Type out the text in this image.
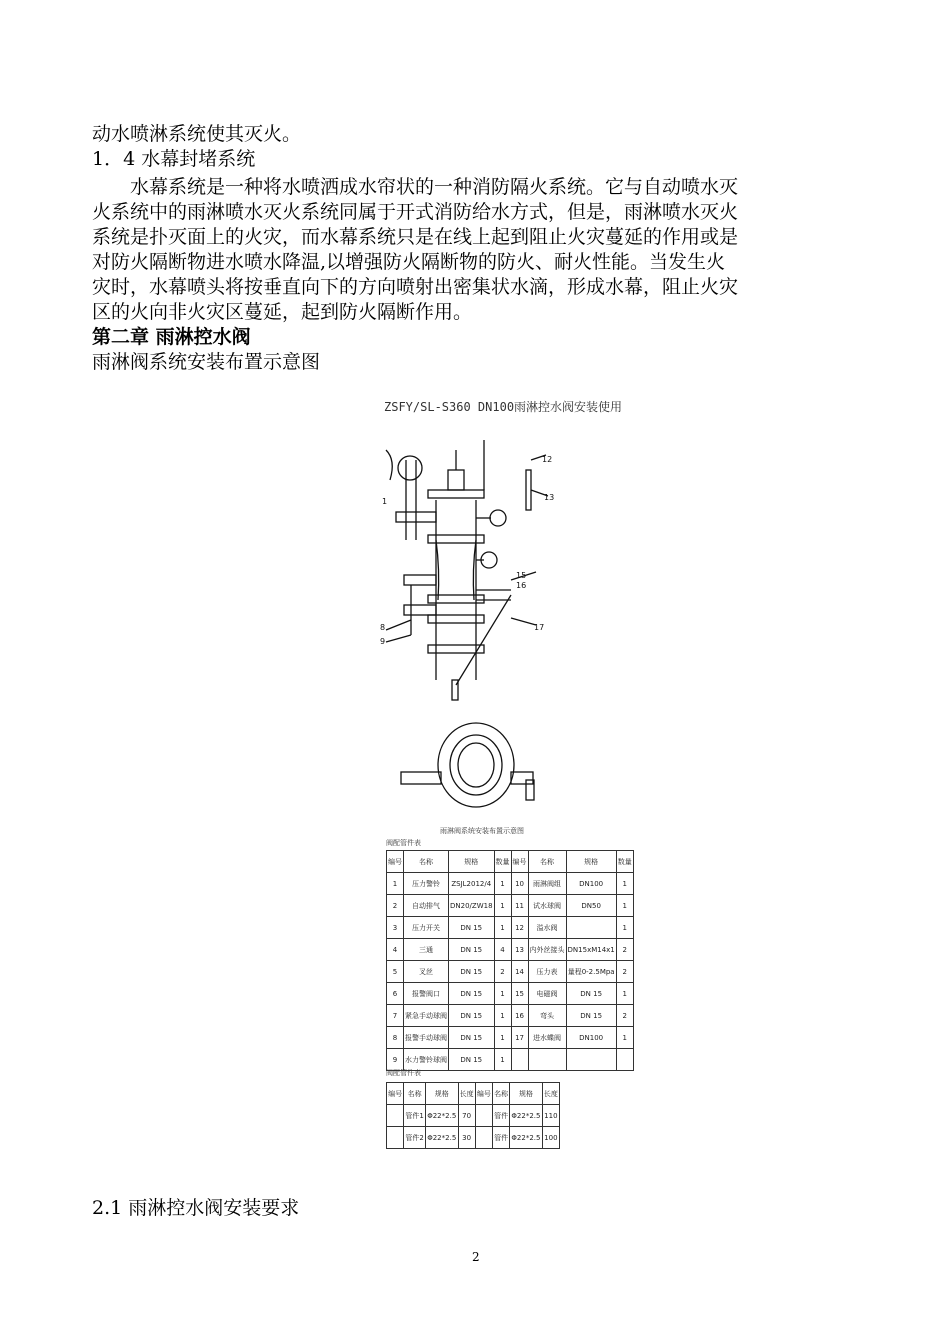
动水喷淋系统使其灭火。
1．4 水幕封堵系统
　　水幕系统是一种将水喷洒成水帘状的一种消防隔火系统。它与自动喷水灭
火系统中的雨淋喷水灭火系统同属于开式消防给水方式，但是，雨淋喷水灭火
系统是扑灭面上的火灾，而水幕系统只是在线上起到阻止火灾蔓延的作用或是
对防火隔断物进水喷水降温,以增强防火隔断物的防火、耐火性能。当发生火
灾时，水幕喷头将按垂直向下的方向喷射出密集状水滴，形成水幕，阻止火灾
区的火向非火灾区蔓延，起到防火隔断作用。
第二章 雨淋控水阀
雨淋阀系统安装布置示意图
ZSFY/SL-S360 DN100雨淋控水阀安装使用
12
13
15
16
17
1
8
9
雨淋阀系统安装布置示意图
阀配管件表
编号	名称	规格	数量	编号	名称	规格	数量
1	压力警铃	ZSJL2012/4	1	10	雨淋阀组	DN100	1
2	自动排气	DN20/ZW18	1	11	试水球阀	DN50	1
3	压力开关	DN 15	1	12	溢水阀		1
4	三通	DN 15	4	13	内外丝接头	DN15xM14x1	2
5	叉丝	DN 15	2	14	压力表	量程0-2.5Mpa	2
6	报警阀口	DN 15	1	15	电磁阀	DN 15	1
7	紧急手动球阀	DN 15	1	16	弯头	DN 15	2
8	报警手动球阀	DN 15	1	17	进水蝶阀	DN100	1
9	水力警铃球阀	DN 15	1				
阀配管件表
编号	名称	规格	长度	编号	名称	规格	长度
	管件1	Φ22*2.5	70		管件	Φ22*2.5	110
	管件2	Φ22*2.5	30		管件	Φ22*2.5	100
2.1 雨淋控水阀安装要求
2
